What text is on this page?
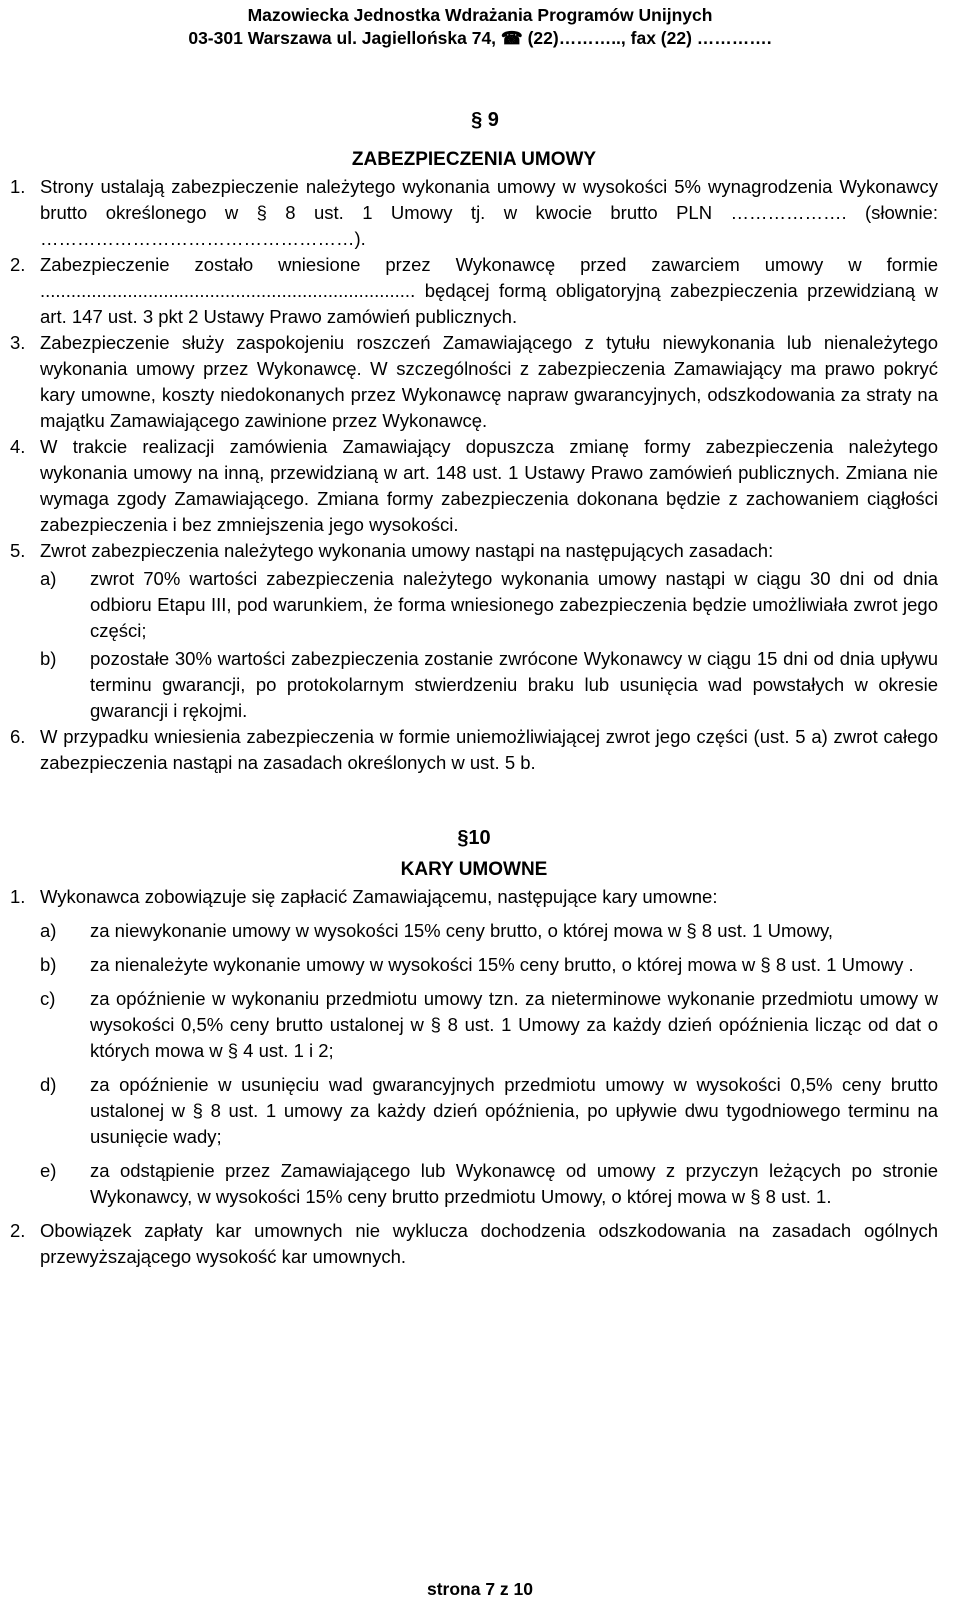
Mazowiecka Jednostka Wdrażania Programów Unijnych
03-301 Warszawa ul. Jagiellońska 74, ☎ (22)……….., fax (22) ………….
§ 9
ZABEZPIECZENIA UMOWY
1. Strony ustalają zabezpieczenie należytego wykonania umowy w wysokości 5% wynagrodzenia Wykonawcy brutto określonego w § 8 ust. 1 Umowy tj. w kwocie brutto PLN ………………. (słownie: ……………………………………………).
2. Zabezpieczenie zostało wniesione przez Wykonawcę przed zawarciem umowy w formie ......................................................................... będącej formą obligatoryjną zabezpieczenia przewidzianą w art. 147 ust. 3 pkt 2 Ustawy Prawo zamówień publicznych.
3. Zabezpieczenie służy zaspokojeniu roszczeń Zamawiającego z tytułu niewykonania lub nienależytego wykonania umowy przez Wykonawcę. W szczególności z zabezpieczenia Zamawiający ma prawo pokryć kary umowne, koszty niedokonanych przez Wykonawcę napraw gwarancyjnych, odszkodowania za straty na majątku Zamawiającego zawinione przez Wykonawcę.
4. W trakcie realizacji zamówienia Zamawiający dopuszcza zmianę formy zabezpieczenia należytego wykonania umowy na inną, przewidzianą w art. 148 ust. 1 Ustawy Prawo zamówień publicznych. Zmiana nie wymaga zgody Zamawiającego. Zmiana formy zabezpieczenia dokonana będzie z zachowaniem ciągłości zabezpieczenia i bez zmniejszenia jego wysokości.
5. Zwrot zabezpieczenia należytego wykonania umowy nastąpi na następujących zasadach:
a)	zwrot 70% wartości zabezpieczenia należytego wykonania umowy nastąpi w ciągu 30 dni od dnia odbioru Etapu III, pod warunkiem, że forma wniesionego zabezpieczenia będzie umożliwiała zwrot jego części;
b)	pozostałe 30% wartości zabezpieczenia zostanie zwrócone Wykonawcy w ciągu 15 dni od dnia upływu terminu gwarancji, po protokolarnym stwierdzeniu braku lub usunięcia wad powstałych w okresie gwarancji i rękojmi.
6. W przypadku wniesienia zabezpieczenia w formie uniemożliwiającej zwrot jego części (ust. 5 a) zwrot całego zabezpieczenia nastąpi na zasadach określonych w ust. 5 b.
§10
KARY UMOWNE
1. Wykonawca zobowiązuje się zapłacić Zamawiającemu, następujące kary umowne:
a)	za niewykonanie umowy w wysokości 15% ceny brutto, o której mowa w § 8 ust. 1 Umowy,
b)	za nienależyte wykonanie umowy w wysokości 15% ceny brutto, o której mowa w § 8 ust. 1 Umowy .
c)	za opóźnienie w wykonaniu przedmiotu umowy tzn. za nieterminowe wykonanie przedmiotu umowy w wysokości 0,5% ceny brutto ustalonej w § 8 ust. 1 Umowy za każdy dzień opóźnienia licząc od dat o których mowa w § 4 ust. 1 i 2;
d)	za opóźnienie w usunięciu wad gwarancyjnych przedmiotu umowy w wysokości 0,5% ceny brutto ustalonej w § 8 ust. 1 umowy za każdy dzień opóźnienia, po upływie dwu tygodniowego terminu na usunięcie wady;
e)	za odstąpienie przez Zamawiającego lub Wykonawcę od umowy z przyczyn leżących po stronie Wykonawcy, w wysokości 15% ceny brutto przedmiotu Umowy, o której mowa w § 8 ust. 1.
2. Obowiązek zapłaty kar umownych nie wyklucza dochodzenia odszkodowania na zasadach ogólnych przewyższającego wysokość kar umownych.
strona 7 z 10
